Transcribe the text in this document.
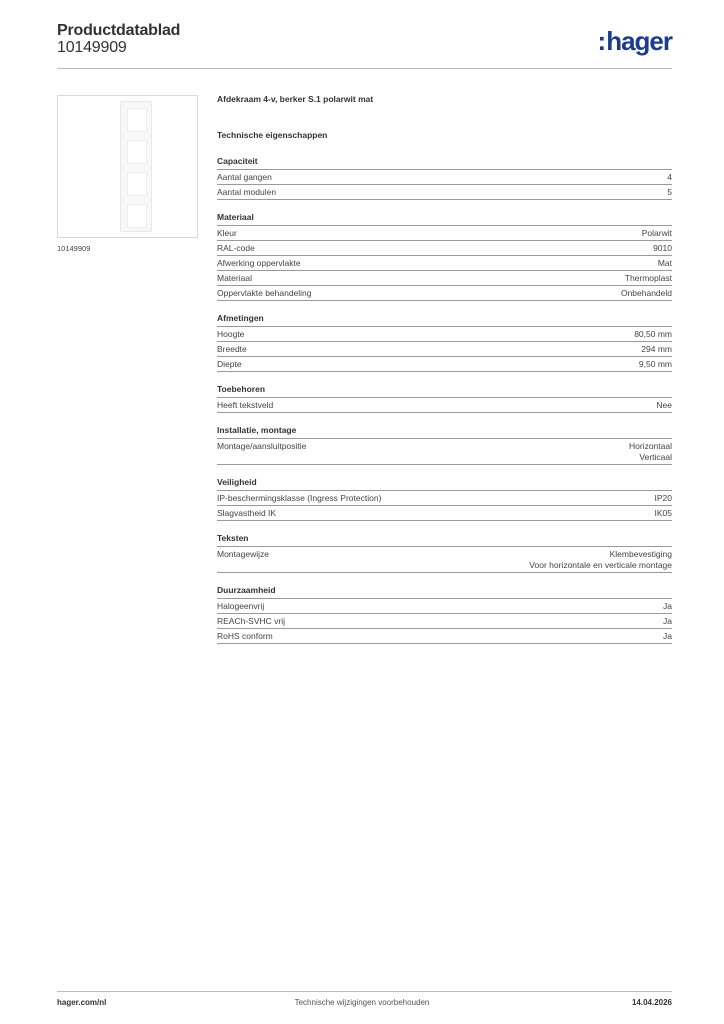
Productdatablad
10149909	:hager
10149909
Afdekraam 4-v, berker S.1 polarwit mat
Technische eigenschappen
Capaciteit
Aantal gangen	4
Aantal modulen	5
Materiaal
Kleur	Polarwit
RAL-code	9010
Afwerking oppervlakte	Mat
Materiaal	Thermoplast
Oppervlakte behandeling	Onbehandeld
Afmetingen
Hoogte	80,50 mm
Breedte	294 mm
Diepte	9,50 mm
Toebehoren
Heeft tekstveld	Nee
Installatie, montage
Montage/aansluitpositie	Horizontaal
Verticaal
Veiligheid
IP-beschermingsklasse (Ingress Protection)	IP20
Slagvastheid IK	IK05
Teksten
Montagewijze	Klembevestiging
Voor horizontale en verticale montage
Duurzaamheid
Halogeenvrij	Ja
REACh-SVHC vrij	Ja
RoHS conform	Ja
hager.com/nl	Technische wijzigingen voorbehouden	14.04.2026
